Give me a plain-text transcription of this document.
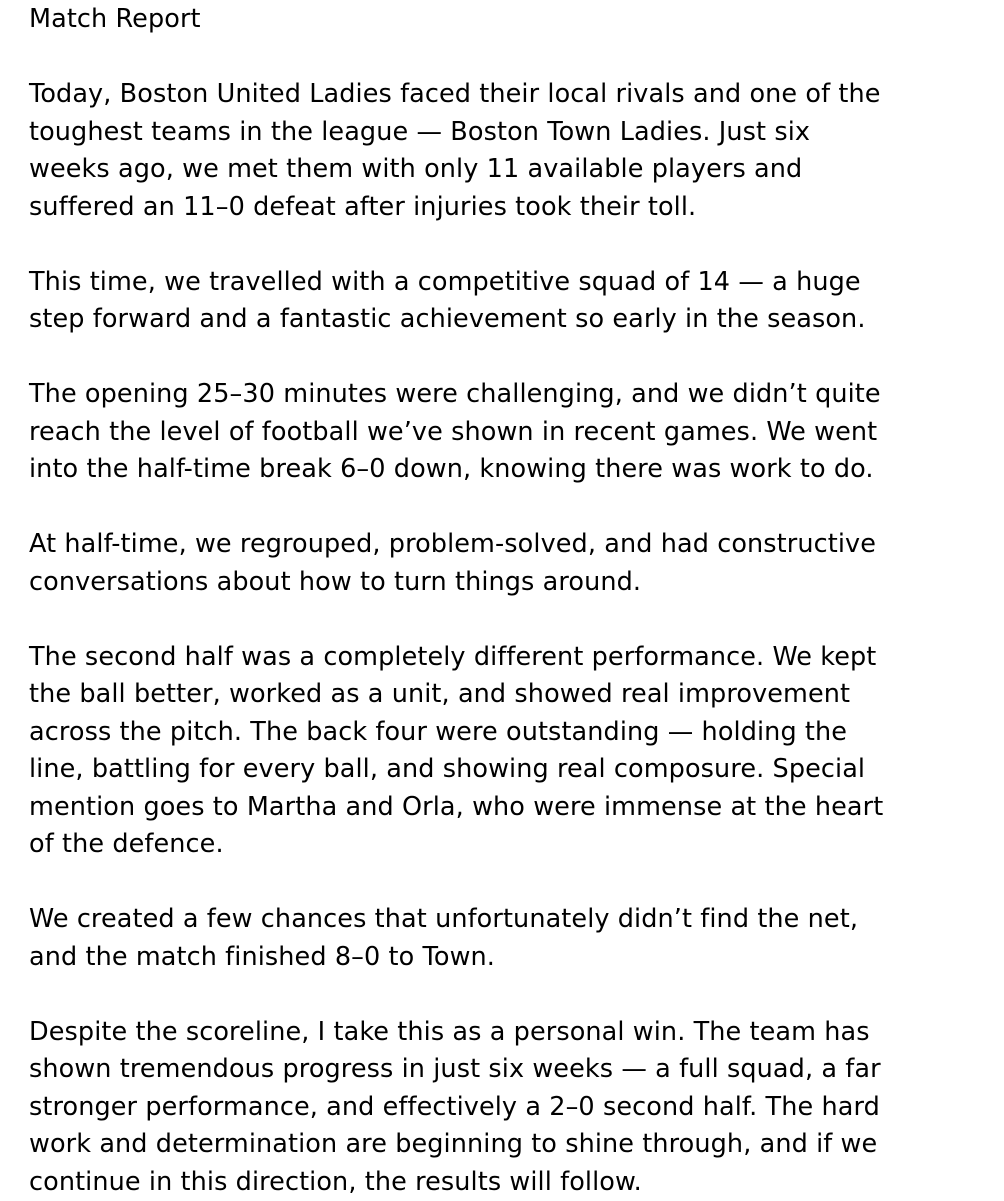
Match Report

Today, Boston United Ladies faced their local rivals and one of the
toughest teams in the league — Boston Town Ladies. Just six
weeks ago, we met them with only 11 available players and
suffered an 11–0 defeat after injuries took their toll.

This time, we travelled with a competitive squad of 14 — a huge
step forward and a fantastic achievement so early in the season.

The opening 25–30 minutes were challenging, and we didn’t quite
reach the level of football we’ve shown in recent games. We went
into the half-time break 6–0 down, knowing there was work to do.

At half-time, we regrouped, problem-solved, and had constructive
conversations about how to turn things around.

The second half was a completely different performance. We kept
the ball better, worked as a unit, and showed real improvement
across the pitch. The back four were outstanding — holding the
line, battling for every ball, and showing real composure. Special
mention goes to Martha and Orla, who were immense at the heart
of the defence.

We created a few chances that unfortunately didn’t find the net,
and the match finished 8–0 to Town.

Despite the scoreline, I take this as a personal win. The team has
shown tremendous progress in just six weeks — a full squad, a far
stronger performance, and effectively a 2–0 second half. The hard
work and determination are beginning to shine through, and if we
continue in this direction, the results will follow.
